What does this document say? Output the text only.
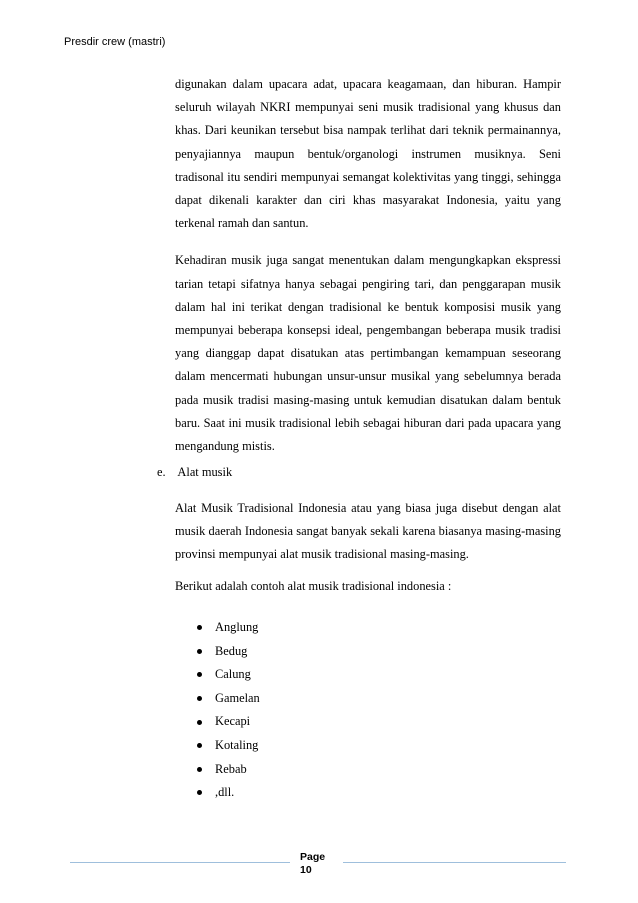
Presdir crew (mastri)

digunakan dalam upacara adat, upacara keagamaan, dan hiburan. Hampir seluruh wilayah NKRI mempunyai seni musik tradisional yang khusus dan khas. Dari keunikan tersebut bisa nampak terlihat dari teknik permainannya, penyajiannya maupun bentuk/organologi instrumen musiknya. Seni tradisonal itu sendiri mempunyai semangat kolektivitas yang tinggi, sehingga dapat dikenali karakter dan ciri khas masyarakat Indonesia, yaitu yang terkenal ramah dan santun.

Kehadiran musik juga sangat menentukan dalam mengungkapkan ekspressi tarian tetapi sifatnya hanya sebagai pengiring tari, dan penggarapan musik dalam hal ini terikat dengan tradisional ke bentuk komposisi musik yang mempunyai beberapa konsepsi ideal, pengembangan beberapa musik tradisi yang dianggap dapat disatukan atas pertimbangan kemampuan seseorang dalam mencermati hubungan unsur-unsur musikal yang sebelumnya berada pada musik tradisi masing-masing untuk kemudian disatukan dalam bentuk baru. Saat ini musik tradisional lebih sebagai hiburan dari pada upacara yang mengandung mistis.

e. Alat musik

Alat Musik Tradisional Indonesia atau yang biasa juga disebut dengan alat musik daerah Indonesia sangat banyak sekali karena biasanya masing-masing provinsi mempunyai alat musik tradisional masing-masing.

Berikut adalah contoh alat musik tradisional indonesia :
Anglung
Bedug
Calung
Gamelan
Kecapi
Kotaling
Rebab
,dll.
Page
10
